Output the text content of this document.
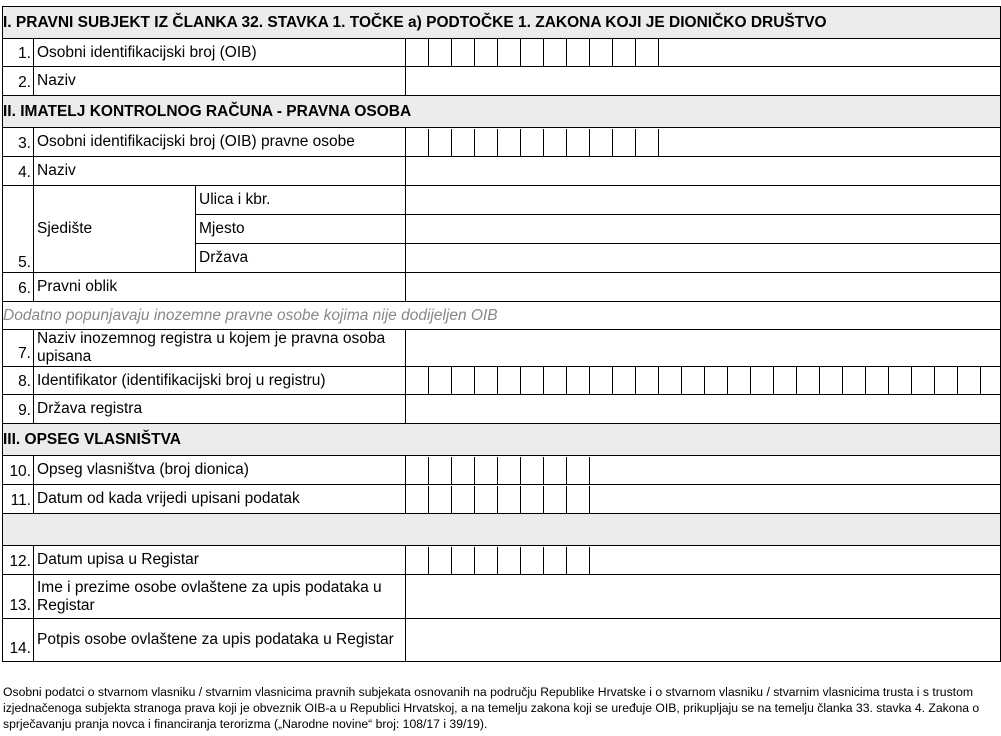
I. PRAVNI SUBJEKT IZ ČLANKA 32. STAVKA 1. TOČKE a) PODTOČKE 1. ZAKONA KOJI JE DIONIČKO DRUŠTVO			
1.	Osobni identifikacijski broj (OIB)		

2.	Naziv		
II. IMATELJ KONTROLNOG RAČUNA - PRAVNA OSOBA			
3.	Osobni identifikacijski broj (OIB) pravne osobe		

4.	Naziv		
5.	Sjedište	Ulica i kbr.	
		Mjesto	
		Država	
6.	Pravni oblik		
Dodatno popunjavaju inozemne pravne osobe kojima nije dodijeljen OIB			
7.	Naziv inozemnog registra u kojem je pravna osoba upisana		
8.	Identifikator (identifikacijski broj u registru)		

9.	Država registra		
III. OPSEG VLASNIŠTVA			
10.	Opseg vlasništva (broj dionica)		

11.	Datum od kada vrijedi upisani podatak		

12.	Datum upisa u Registar		

13.	Ime i prezime osobe ovlaštene za upis podataka u Registar		
14.	Potpis osobe ovlaštene za upis podataka u Registar		
Osobni podatci o stvarnom vlasniku / stvarnim vlasnicima pravnih subjekata osnovanih na području Republike Hrvatske i o stvarnom vlasniku / stvarnim vlasnicima trusta i s trustom izjednačenoga subjekta stranoga prava koji je obveznik OIB-a u Republici Hrvatskoj, a na temelju zakona koji se uređuje OIB, prikupljaju se na temelju članka 33. stavka 4. Zakona o sprječavanju pranja novca i financiranja terorizma („Narodne novine“ broj: 108/17 i 39/19).
